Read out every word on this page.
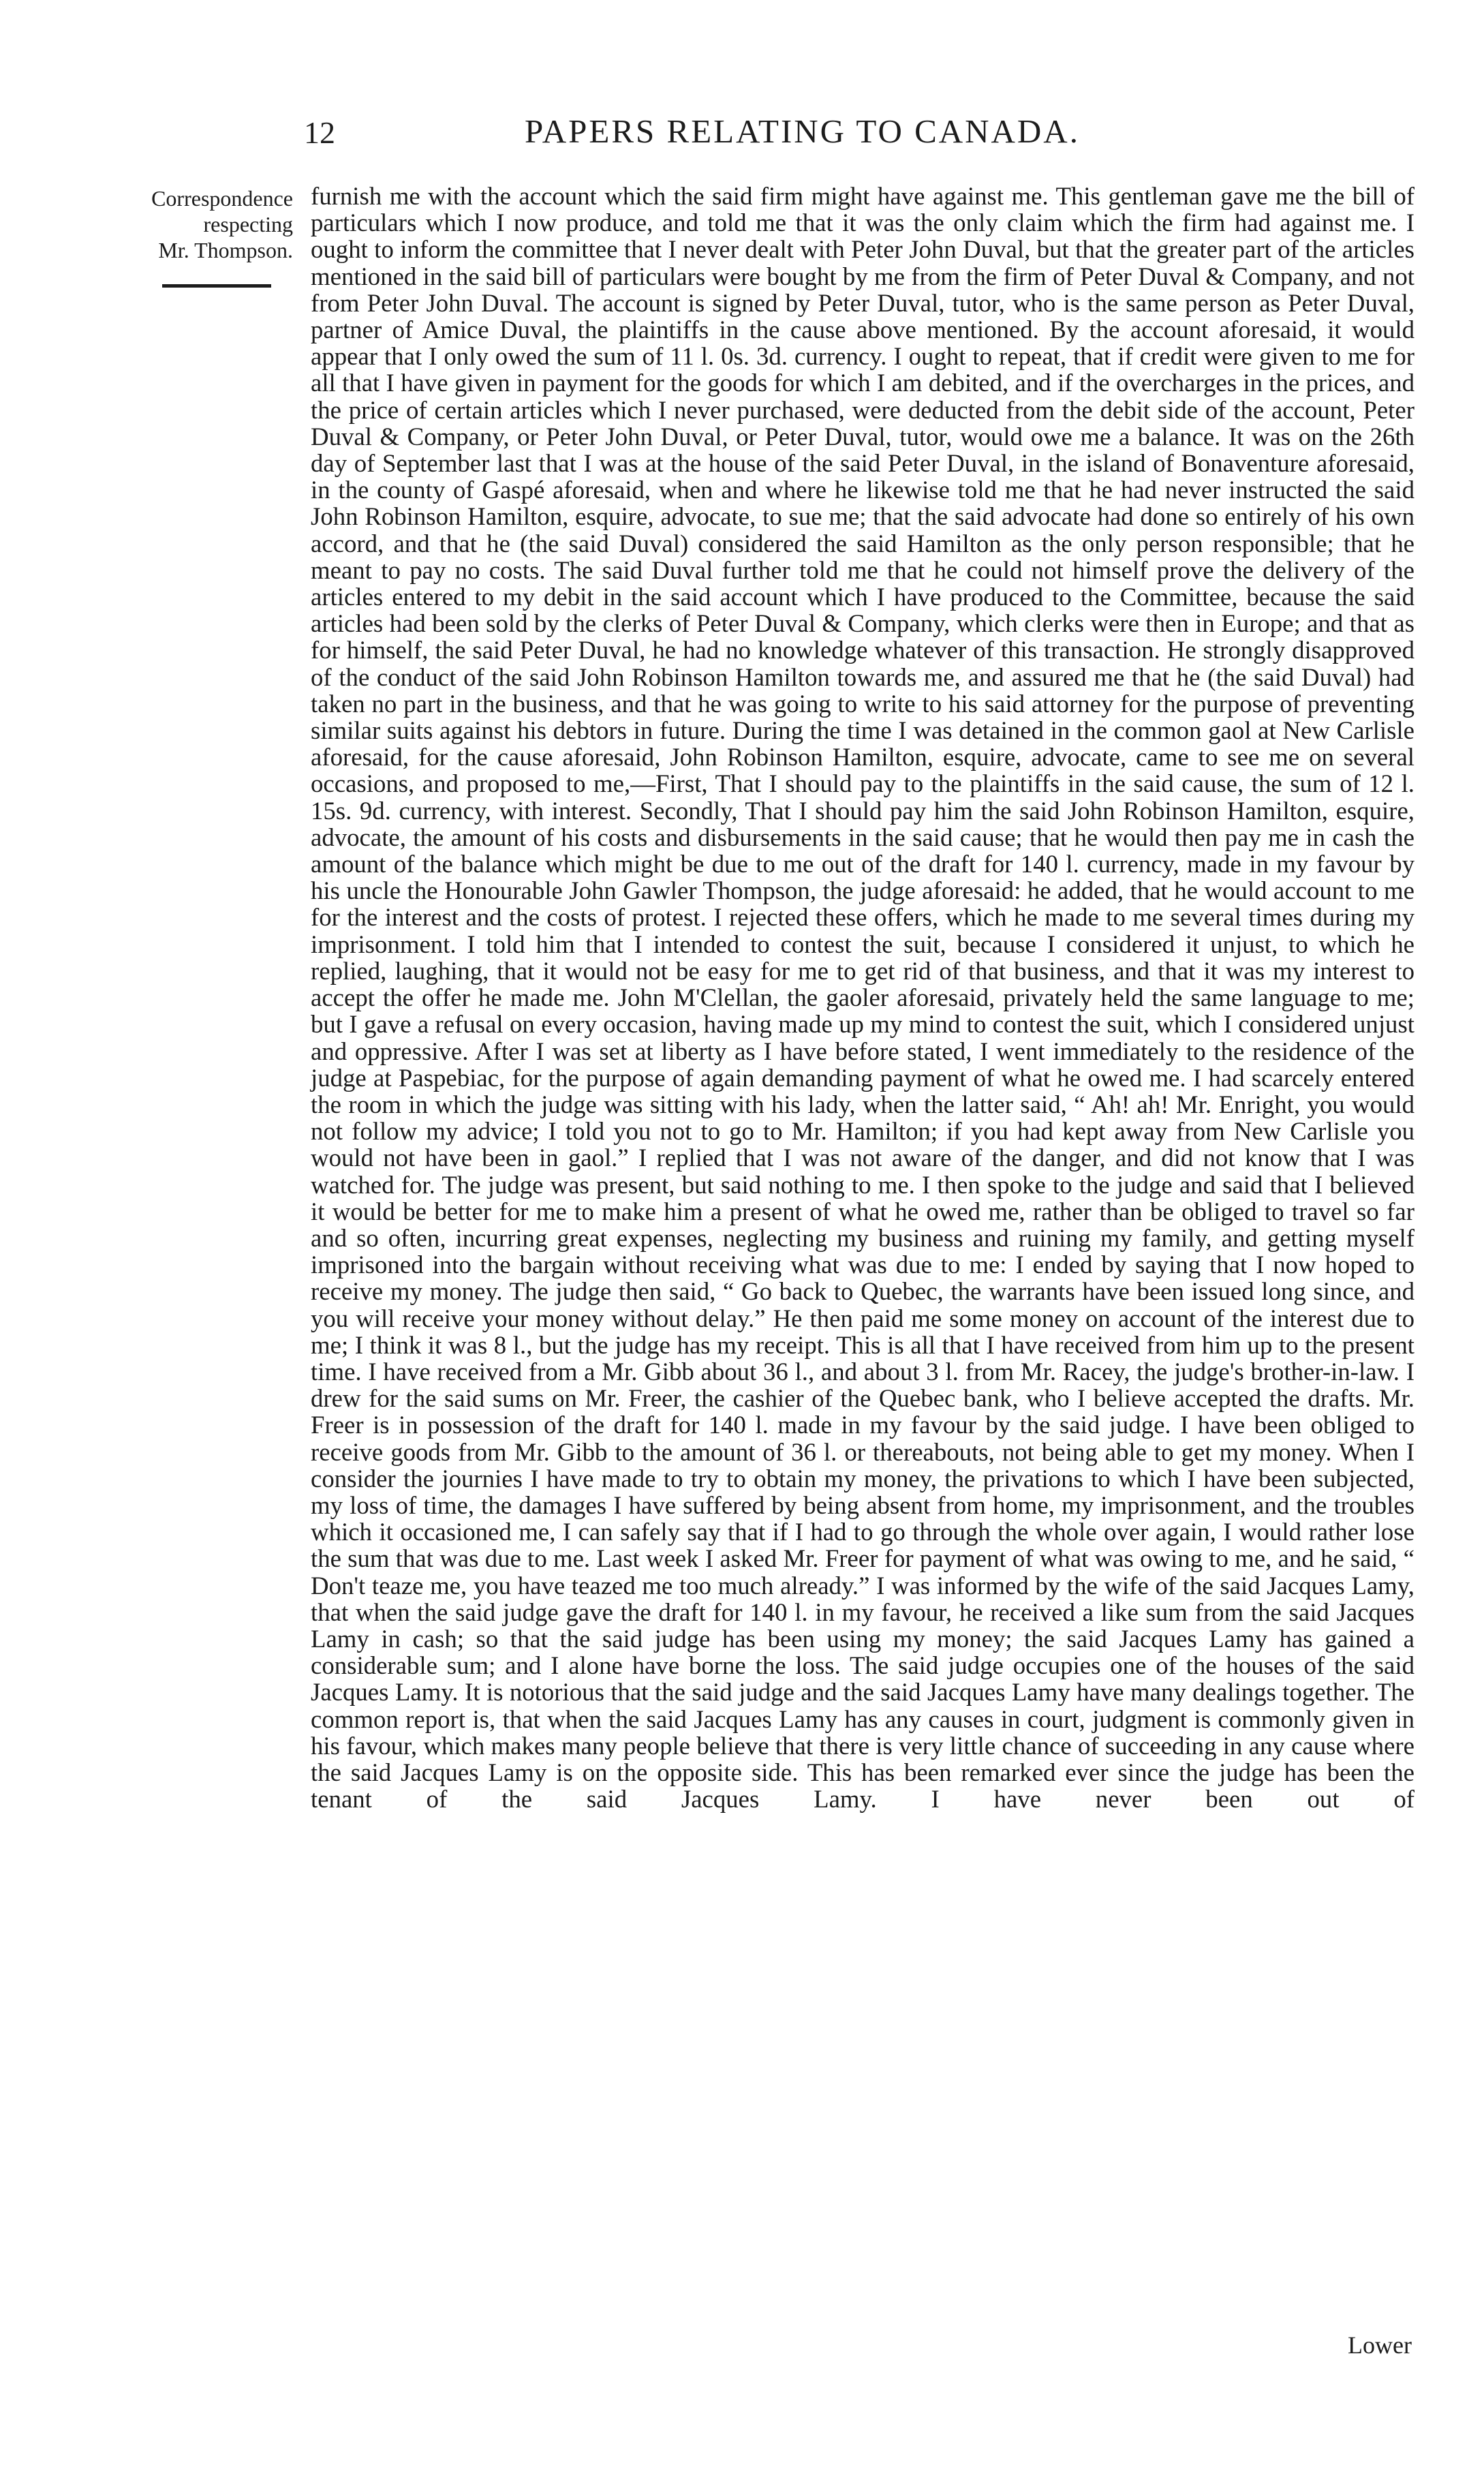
12	PAPERS RELATING TO CANADA.
Correspondence
respecting
Mr. Thompson.

furnish me with the account which the said firm might have against me. This gentleman gave me the bill of particulars which I now produce, and told me that it was the only claim which the firm had against me. I ought to inform the committee that I never dealt with Peter John Duval, but that the greater part of the articles mentioned in the said bill of particulars were bought by me from the firm of Peter Duval & Company, and not from Peter John Duval. The account is signed by Peter Duval, tutor, who is the same person as Peter Duval, partner of Amice Duval, the plaintiffs in the cause above mentioned. By the account aforesaid, it would appear that I only owed the sum of 11 l. 0s. 3d. currency. I ought to repeat, that if credit were given to me for all that I have given in payment for the goods for which I am debited, and if the overcharges in the prices, and the price of certain articles which I never purchased, were deducted from the debit side of the account, Peter Duval & Company, or Peter John Duval, or Peter Duval, tutor, would owe me a balance. It was on the 26th day of September last that I was at the house of the said Peter Duval, in the island of Bonaventure aforesaid, in the county of Gaspé aforesaid, when and where he likewise told me that he had never instructed the said John Robinson Hamilton, esquire, advocate, to sue me; that the said advocate had done so entirely of his own accord, and that he (the said Duval) considered the said Hamilton as the only person responsible; that he meant to pay no costs. The said Duval further told me that he could not himself prove the delivery of the articles entered to my debit in the said account which I have produced to the Committee, because the said articles had been sold by the clerks of Peter Duval & Company, which clerks were then in Europe; and that as for himself, the said Peter Duval, he had no knowledge whatever of this transaction. He strongly disapproved of the conduct of the said John Robinson Hamilton towards me, and assured me that he (the said Duval) had taken no part in the business, and that he was going to write to his said attorney for the purpose of preventing similar suits against his debtors in future. During the time I was detained in the common gaol at New Carlisle aforesaid, for the cause aforesaid, John Robinson Hamilton, esquire, advocate, came to see me on several occasions, and proposed to me,—First, That I should pay to the plaintiffs in the said cause, the sum of 12 l. 15s. 9d. currency, with interest. Secondly, That I should pay him the said John Robinson Hamilton, esquire, advocate, the amount of his costs and disbursements in the said cause; that he would then pay me in cash the amount of the balance which might be due to me out of the draft for 140 l. currency, made in my favour by his uncle the Honourable John Gawler Thompson, the judge aforesaid: he added, that he would account to me for the interest and the costs of protest. I rejected these offers, which he made to me several times during my imprisonment. I told him that I intended to contest the suit, because I considered it unjust, to which he replied, laughing, that it would not be easy for me to get rid of that business, and that it was my interest to accept the offer he made me. John M'Clellan, the gaoler aforesaid, privately held the same language to me; but I gave a refusal on every occasion, having made up my mind to contest the suit, which I considered unjust and oppressive. After I was set at liberty as I have before stated, I went immediately to the residence of the judge at Paspebiac, for the purpose of again demanding payment of what he owed me. I had scarcely entered the room in which the judge was sitting with his lady, when the latter said, “ Ah! ah! Mr. Enright, you would not follow my advice; I told you not to go to Mr. Hamilton; if you had kept away from New Carlisle you would not have been in gaol.” I replied that I was not aware of the danger, and did not know that I was watched for. The judge was present, but said nothing to me. I then spoke to the judge and said that I believed it would be better for me to make him a present of what he owed me, rather than be obliged to travel so far and so often, incurring great expenses, neglecting my business and ruining my family, and getting myself imprisoned into the bargain without receiving what was due to me: I ended by saying that I now hoped to receive my money. The judge then said, “ Go back to Quebec, the warrants have been issued long since, and you will receive your money without delay.” He then paid me some money on account of the interest due to me; I think it was 8 l., but the judge has my receipt. This is all that I have received from him up to the present time. I have received from a Mr. Gibb about 36 l., and about 3 l. from Mr. Racey, the judge's brother-in-law. I drew for the said sums on Mr. Freer, the cashier of the Quebec bank, who I believe accepted the drafts. Mr. Freer is in possession of the draft for 140 l. made in my favour by the said judge. I have been obliged to receive goods from Mr. Gibb to the amount of 36 l. or thereabouts, not being able to get my money. When I consider the journies I have made to try to obtain my money, the privations to which I have been subjected, my loss of time, the damages I have suffered by being absent from home, my imprisonment, and the troubles which it occasioned me, I can safely say that if I had to go through the whole over again, I would rather lose the sum that was due to me. Last week I asked Mr. Freer for payment of what was owing to me, and he said, “ Don't teaze me, you have teazed me too much already.” I was informed by the wife of the said Jacques Lamy, that when the said judge gave the draft for 140 l. in my favour, he received a like sum from the said Jacques Lamy in cash; so that the said judge has been using my money; the said Jacques Lamy has gained a considerable sum; and I alone have borne the loss. The said judge occupies one of the houses of the said Jacques Lamy. It is notorious that the said judge and the said Jacques Lamy have many dealings together. The common report is, that when the said Jacques Lamy has any causes in court, judgment is commonly given in his favour, which makes many people believe that there is very little chance of succeeding in any cause where the said Jacques Lamy is on the opposite side. This has been remarked ever since the judge has been the tenant of the said Jacques Lamy. I have never been out of

Lower
